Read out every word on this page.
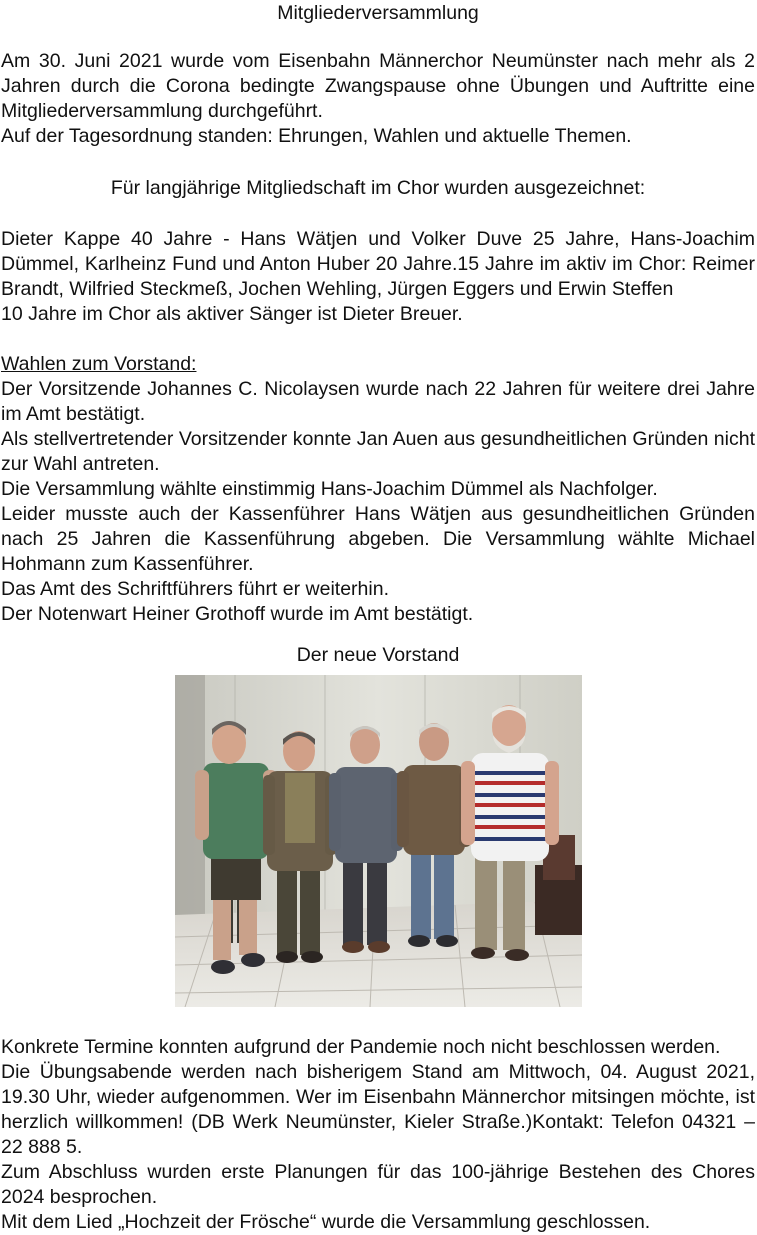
Mitgliederversammlung

Am 30. Juni 2021 wurde vom Eisenbahn Männerchor Neumünster nach mehr als 2 Jahren durch die Corona bedingte Zwangspause ohne Übungen und Auftritte eine Mitgliederversammlung durchgeführt.

Auf der Tagesordnung standen: Ehrungen, Wahlen und aktuelle Themen.

Für langjährige Mitgliedschaft im Chor wurden ausgezeichnet:

Dieter Kappe 40 Jahre - Hans Wätjen und Volker Duve 25 Jahre, Hans-Joachim Dümmel, Karlheinz Fund und Anton Huber 20 Jahre.15 Jahre im aktiv im Chor: Reimer Brandt, Wilfried Steckmeß, Jochen Wehling, Jürgen Eggers und Erwin Steffen

10 Jahre im Chor als aktiver Sänger ist Dieter Breuer.

Wahlen zum Vorstand:

Der Vorsitzende Johannes C. Nicolaysen wurde nach 22 Jahren für weitere drei Jahre im Amt bestätigt.

Als stellvertretender Vorsitzender konnte Jan Auen aus gesundheitlichen Gründen nicht zur Wahl antreten.

Die Versammlung wählte einstimmig Hans-Joachim Dümmel als Nachfolger.

Leider musste auch der Kassenführer Hans Wätjen aus gesundheitlichen Gründen nach 25 Jahren die Kassenführung abgeben. Die Versammlung wählte Michael Hohmann zum Kassenführer.

Das Amt des Schriftführers führt er weiterhin.

Der Notenwart Heiner Grothoff wurde im Amt bestätigt.

Der neue Vorstand

Konkrete Termine konnten aufgrund der Pandemie noch nicht beschlossen werden.

Die Übungsabende werden nach bisherigem Stand am Mittwoch, 04. August 2021, 19.30 Uhr, wieder aufgenommen. Wer im Eisenbahn Männerchor mitsingen möchte, ist herzlich willkommen! (DB Werk Neumünster, Kieler Straße.)Kontakt: Telefon 04321 – 22 888 5.

Zum Abschluss wurden erste Planungen für das 100-jährige Bestehen des Chores 2024 besprochen.

Mit dem Lied „Hochzeit der Frösche“ wurde die Versammlung geschlossen.
